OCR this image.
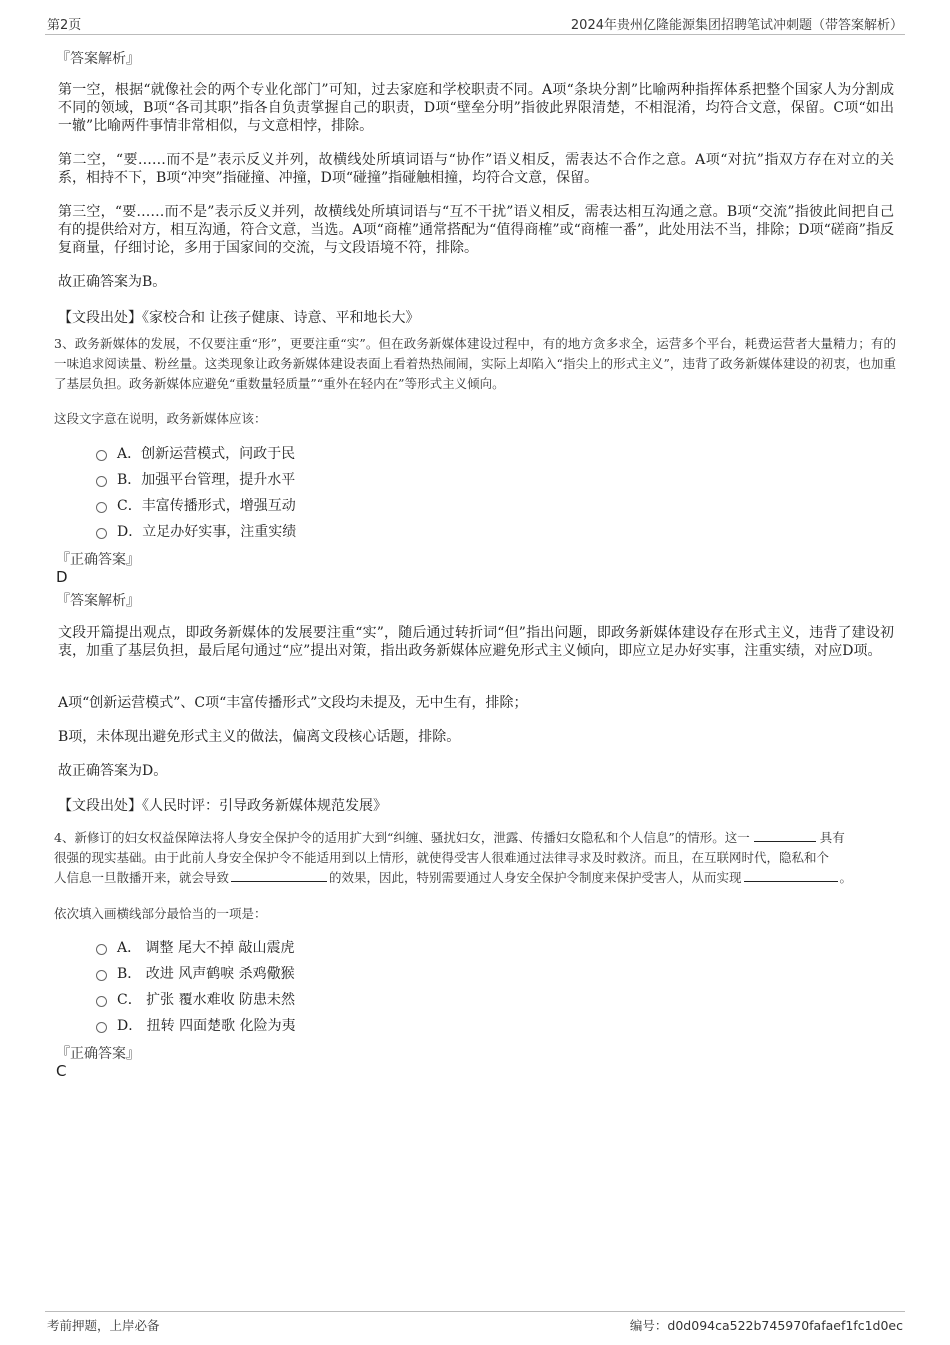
第2页	2024年贵州亿隆能源集团招聘笔试冲刺题（带答案解析）
『答案解析』
第一空，根据“就像社会的两个专业化部门”可知，过去家庭和学校职责不同。A项“条块分割”比喻两种指挥体系把整个国家人为分割成不同的领域，B项“各司其职”指各自负责掌握自己的职责，D项“壁垒分明”指彼此界限清楚，不相混淆，均符合文意，保留。C项“如出一辙”比喻两件事情非常相似，与文意相悖，排除。
第二空，“要……而不是”表示反义并列，故横线处所填词语与“协作”语义相反，需表达不合作之意。A项“对抗”指双方存在对立的关系，相持不下，B项“冲突”指碰撞、冲撞，D项“碰撞”指碰触相撞，均符合文意，保留。
第三空，“要……而不是”表示反义并列，故横线处所填词语与“互不干扰”语义相反，需表达相互沟通之意。B项“交流”指彼此间把自己有的提供给对方，相互沟通，符合文意，当选。A项“商榷”通常搭配为“值得商榷”或“商榷一番”，此处用法不当，排除；D项“磋商”指反复商量，仔细讨论，多用于国家间的交流，与文段语境不符，排除。
故正确答案为B。
【文段出处】《家校合和 让孩子健康、诗意、平和地长大》
3、政务新媒体的发展，不仅要注重“形”，更要注重“实”。但在政务新媒体建设过程中，有的地方贪多求全，运营多个平台，耗费运营者大量精力；有的一味追求阅读量、粉丝量。这类现象让政务新媒体建设表面上看着热热闹闹，实际上却陷入“指尖上的形式主义”，违背了政务新媒体建设的初衷，也加重了基层负担。政务新媒体应避免“重数量轻质量”“重外在轻内在”等形式主义倾向。
这段文字意在说明，政务新媒体应该：
A．创新运营模式，问政于民
B．加强平台管理，提升水平
C．丰富传播形式，增强互动
D．立足办好实事，注重实绩
『正确答案』
D
『答案解析』
文段开篇提出观点，即政务新媒体的发展要注重“实”，随后通过转折词“但”指出问题，即政务新媒体建设存在形式主义，违背了建设初衷，加重了基层负担，最后尾句通过“应”提出对策，指出政务新媒体应避免形式主义倾向，即应立足办好实事，注重实绩，对应D项。
A项“创新运营模式”、C项“丰富传播形式”文段均未提及，无中生有，排除；
B项，未体现出避免形式主义的做法，偏离文段核心话题，排除。
故正确答案为D。
【文段出处】《人民时评：引导政务新媒体规范发展》
4、新修订的妇女权益保障法将人身安全保护令的适用扩大到“纠缠、骚扰妇女，泄露、传播妇女隐私和个人信息”的情形。这一	具有
很强的现实基础。由于此前人身安全保护令不能适用到以上情形，就使得受害人很难通过法律寻求及时救济。而且，在互联网时代，隐私和个
人信息一旦散播开来，就会导致	的效果，因此，特别需要通过人身安全保护令制度来保护受害人，从而实现	。
依次填入画横线部分最恰当的一项是：
A． 调整 尾大不掉 敲山震虎
B． 改进 风声鹤唳 杀鸡儆猴
C． 扩张 覆水难收 防患未然
D． 扭转 四面楚歌 化险为夷
『正确答案』
C
考前押题，上岸必备	编号：d0d094ca522b745970fafaef1fc1d0ec
